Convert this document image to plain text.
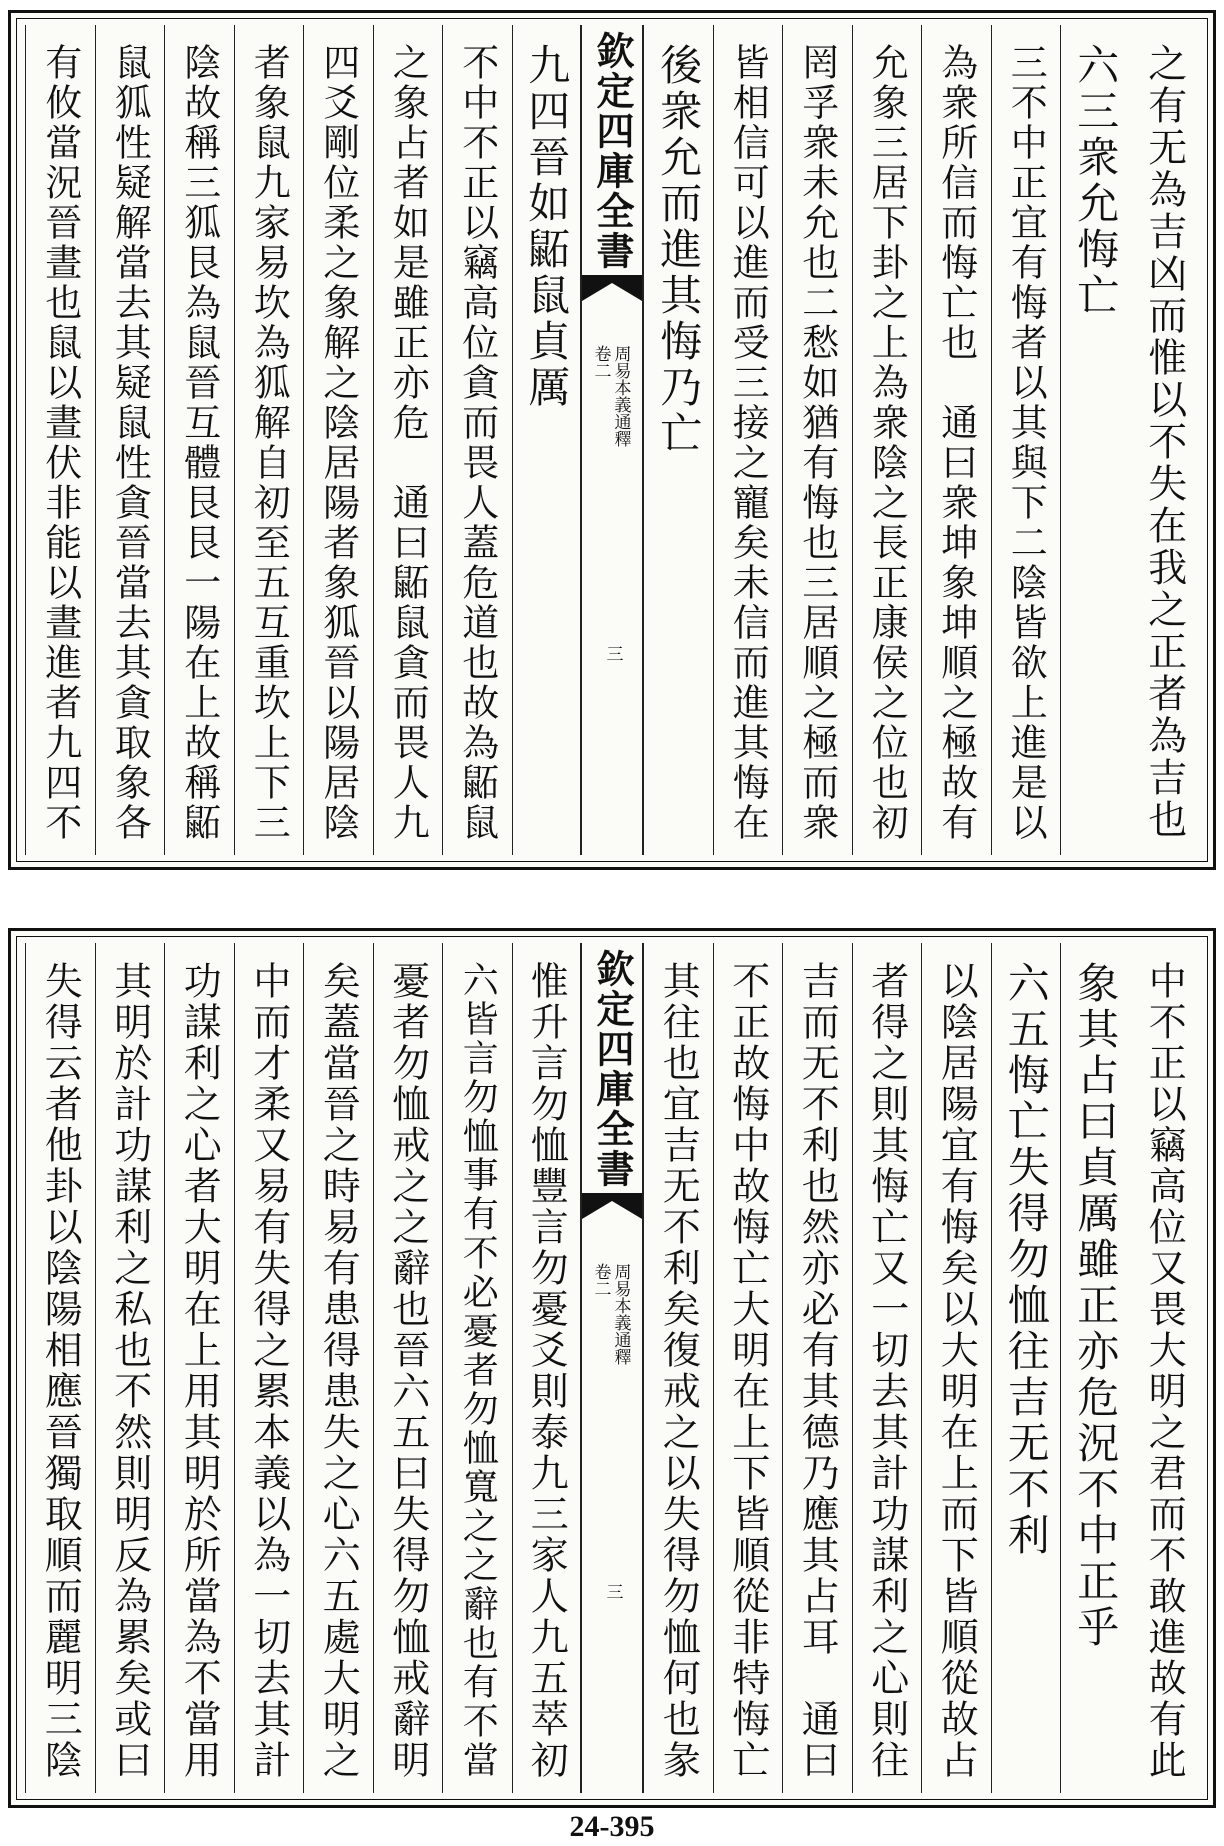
之有无為吉凶而惟以不失在我之正者為吉也
六三衆允悔亡
三不中正宜有悔者以其與下二陰皆欲上進是以
為衆所信而悔亡也　通曰衆坤象坤順之極故有
允象三居下卦之上為衆陰之長正康侯之位也初
罔孚衆未允也二愁如猶有悔也三居順之極而衆
皆相信可以進而受三接之寵矣未信而進其悔在
後衆允而進其悔乃亡
欽定四庫全書
周易本義通釋
卷二
三
九四晉如鼫鼠貞厲
不中不正以竊高位貪而畏人蓋危道也故為鼫鼠
之象占者如是雖正亦危　通曰鼫鼠貪而畏人九
四爻剛位柔之象解之陰居陽者象狐晉以陽居陰
者象鼠九家易坎為狐解自初至五互重坎上下三
陰故稱三狐艮為鼠晉互體艮艮一陽在上故稱鼫
鼠狐性疑解當去其疑鼠性貪晉當去其貪取象各
有攸當況晉晝也鼠以晝伏非能以晝進者九四不
中不正以竊高位又畏大明之君而不敢進故有此
象其占曰貞厲雖正亦危況不中正乎
六五悔亡失得勿恤往吉无不利
以陰居陽宜有悔矣以大明在上而下皆順從故占
者得之則其悔亡又一切去其計功謀利之心則往
吉而无不利也然亦必有其德乃應其占耳　通曰
不正故悔中故悔亡大明在上下皆順從非特悔亡
其往也宜吉无不利矣復戒之以失得勿恤何也彖
欽定四庫全書
周易本義通釋
卷二
三
惟升言勿恤豐言勿憂爻則泰九三家人九五萃初
六皆言勿恤事有不必憂者勿恤寬之之辭也有不當
憂者勿恤戒之之辭也晉六五曰失得勿恤戒辭明
矣蓋當晉之時易有患得患失之心六五處大明之
中而才柔又易有失得之累本義以為一切去其計
功謀利之心者大明在上用其明於所當為不當用
其明於計功謀利之私也不然則明反為累矣或曰
失得云者他卦以陰陽相應晉獨取順而麗明三陰
24-395
